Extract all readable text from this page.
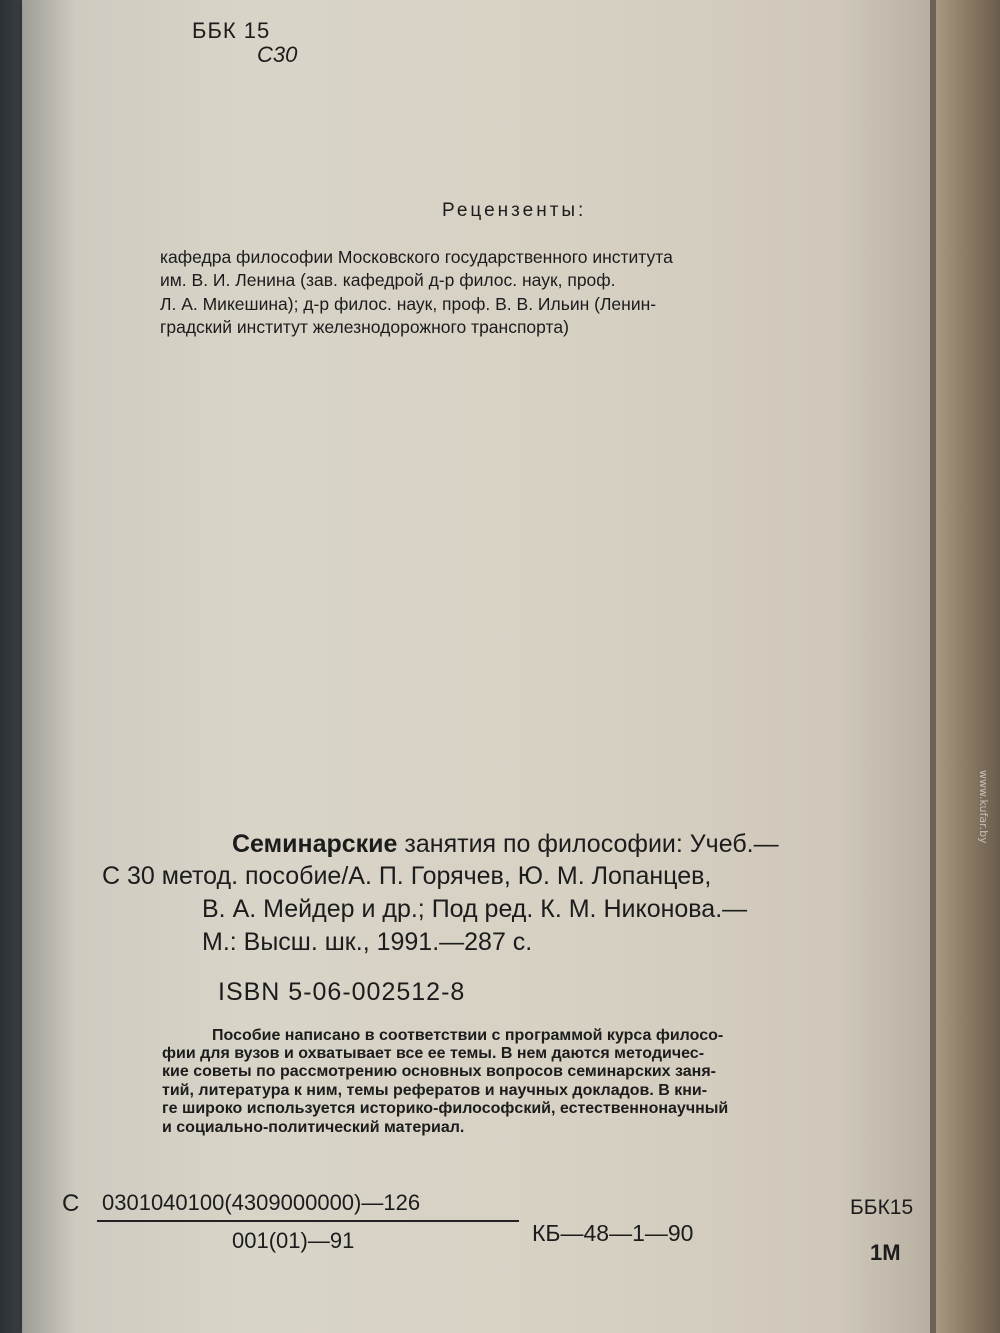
ББК 15

С30

Рецензенты:

кафедра философии Московского государственного института

им. В. И. Ленина (зав. кафедрой д-р филос. наук, проф.

Л. А. Микешина); д-р филос. наук, проф. В. В. Ильин (Ленин-

градский институт железнодорожного транспорта)

Семинарские занятия по философии: Учеб.—

С 30 метод. пособие/А. П. Горячев, Ю. М. Лопанцев,

В. А. Мейдер и др.; Под ред. К. М. Никонова.—

М.: Высш. шк., 1991.—287 с.

ISBN 5-06-002512-8

Пособие написано в соответствии с программой курса филосо-

фии для вузов и охватывает все ее темы. В нем даются методичес-

кие советы по рассмотрению основных вопросов семинарских заня-

тий, литература к ним, темы рефератов и научных докладов. В кни-

ге широко используется историко-философский, естественнонаучный

и социально-политический материал.

С 0301040100(4309000000)—126

001(01)—91	КБ—48—1—90

ББК15

1М

www.kufar.by
